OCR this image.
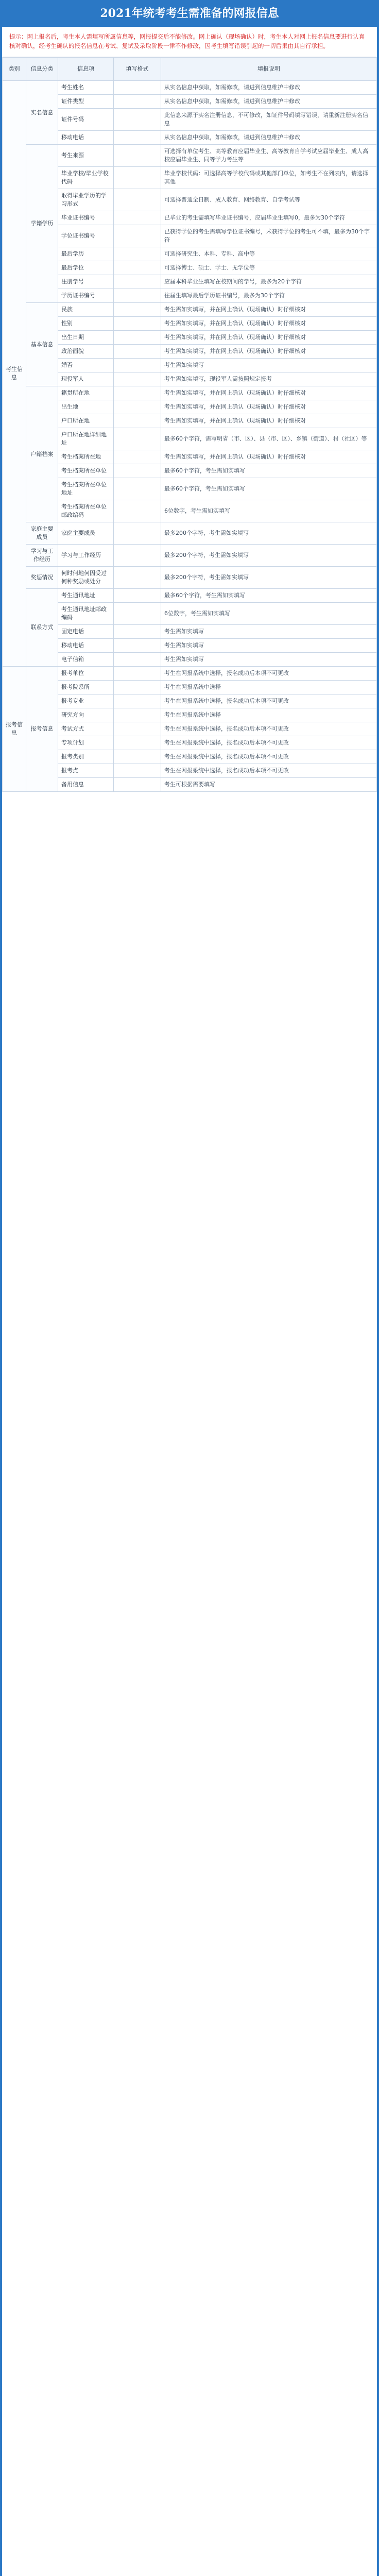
2021年统考考生需准备的网报信息
提示：网上报名后，考生本人需填写所属信息等，网报提交后不能修改。网上确认（现场确认）时，考生本人对网上报名信息要进行认真核对确认，经考生确认的报名信息在考试、复试及录取阶段一律不作修改，因考生填写错误引起的一切后果由其自行承担。
类别	信息分类	信息项	填写格式	填报说明
考生信息	实名信息	考生姓名		从实名信息中获取，如需修改，请进到信息维护中修改
		证件类型		从实名信息中获取，如需修改，请进到信息维护中修改
		证件号码		此信息来源于实名注册信息，不可修改，如证件号码填写错误，请重新注册实名信息
		移动电话		从实名信息中获取，如需修改，请进到信息维护中修改
	学籍学历	考生来源		可选择有单位考生、高等教育应届毕业生、高等教育自学考试应届毕业生、成人高校应届毕业生、同等学力考生等
		毕业学校/毕业学校代码		毕业学校代码：可选择高等学校代码或其他部门单位，如考生不在列表内，请选择其他
		取得毕业学历的学习形式		可选择普通全日制、成人教育、网络教育、自学考试等
		毕业证书编号		已毕业的考生需填写毕业证书编号，应届毕业生填写0，最多为30个字符
		学位证书编号		已获得学位的考生需填写学位证书编号，未获得学位的考生可不填，最多为30个字符
		最后学历		可选择研究生、本科、专科、高中等
		最后学位		可选择博士、硕士、学士、无学位等
		注册学号		应届本科毕业生填写在校期间的学号，最多为20个字符
		学历证书编号		往届生填写最后学历证书编号，最多为30个字符
	基本信息	民族		考生需如实填写，并在网上确认（现场确认）时仔细核对
		性别		考生需如实填写，并在网上确认（现场确认）时仔细核对
		出生日期		考生需如实填写，并在网上确认（现场确认）时仔细核对
		政治面貌		考生需如实填写，并在网上确认（现场确认）时仔细核对
		婚否		考生需如实填写
		现役军人		考生需如实填写，现役军人需按照规定报考
	户籍档案	籍贯所在地		考生需如实填写，并在网上确认（现场确认）时仔细核对
		出生地		考生需如实填写，并在网上确认（现场确认）时仔细核对
		户口所在地		考生需如实填写，并在网上确认（现场确认）时仔细核对
		户口所在地详细地址		最多60个字符，需写明省（市、区）、县（市、区）、乡镇（街道）、村（社区）等
		考生档案所在地		考生需如实填写，并在网上确认（现场确认）时仔细核对
		考生档案所在单位		最多60个字符，考生需如实填写
		考生档案所在单位地址		最多60个字符，考生需如实填写
		考生档案所在单位邮政编码		6位数字，考生需如实填写
	家庭主要成员	家庭主要成员		最多200个字符，考生需如实填写
	学习与工作经历	学习与工作经历		最多200个字符，考生需如实填写
	奖惩情况	何时何地何因受过何种奖励或处分		最多200个字符，考生需如实填写
	联系方式	考生通讯地址		最多60个字符，考生需如实填写
		考生通讯地址邮政编码		6位数字，考生需如实填写
		固定电话		考生需如实填写
		移动电话		考生需如实填写
		电子信箱		考生需如实填写
报考信息	报考信息	报考单位		考生在网报系统中选择，报名成功后本项不可更改
		报考院系所		考生在网报系统中选择
		报考专业		考生在网报系统中选择，报名成功后本项不可更改
		研究方向		考生在网报系统中选择
		考试方式		考生在网报系统中选择，报名成功后本项不可更改
		专项计划		考生在网报系统中选择，报名成功后本项不可更改
		报考类别		考生在网报系统中选择，报名成功后本项不可更改
		报考点		考生在网报系统中选择，报名成功后本项不可更改
		备用信息		考生可根据需要填写
